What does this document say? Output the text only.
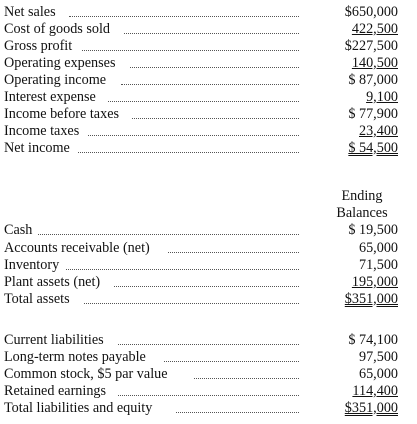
Net sales	$650,000
Cost of goods sold	422,500
Gross profit	$227,500
Operating expenses	140,500
Operating income	$ 87,000
Interest expense	9,100
Income before taxes	$ 77,900
Income taxes	23,400
Net income	$ 54,500
Ending
Balances
Cash	$ 19,500
Accounts receivable (net)	65,000
Inventory	71,500
Plant assets (net)	195,000
Total assets	$351,000
Current liabilities	$ 74,100
Long-term notes payable	97,500
Common stock, $5 par value	65,000
Retained earnings	114,400
Total liabilities and equity	$351,000
